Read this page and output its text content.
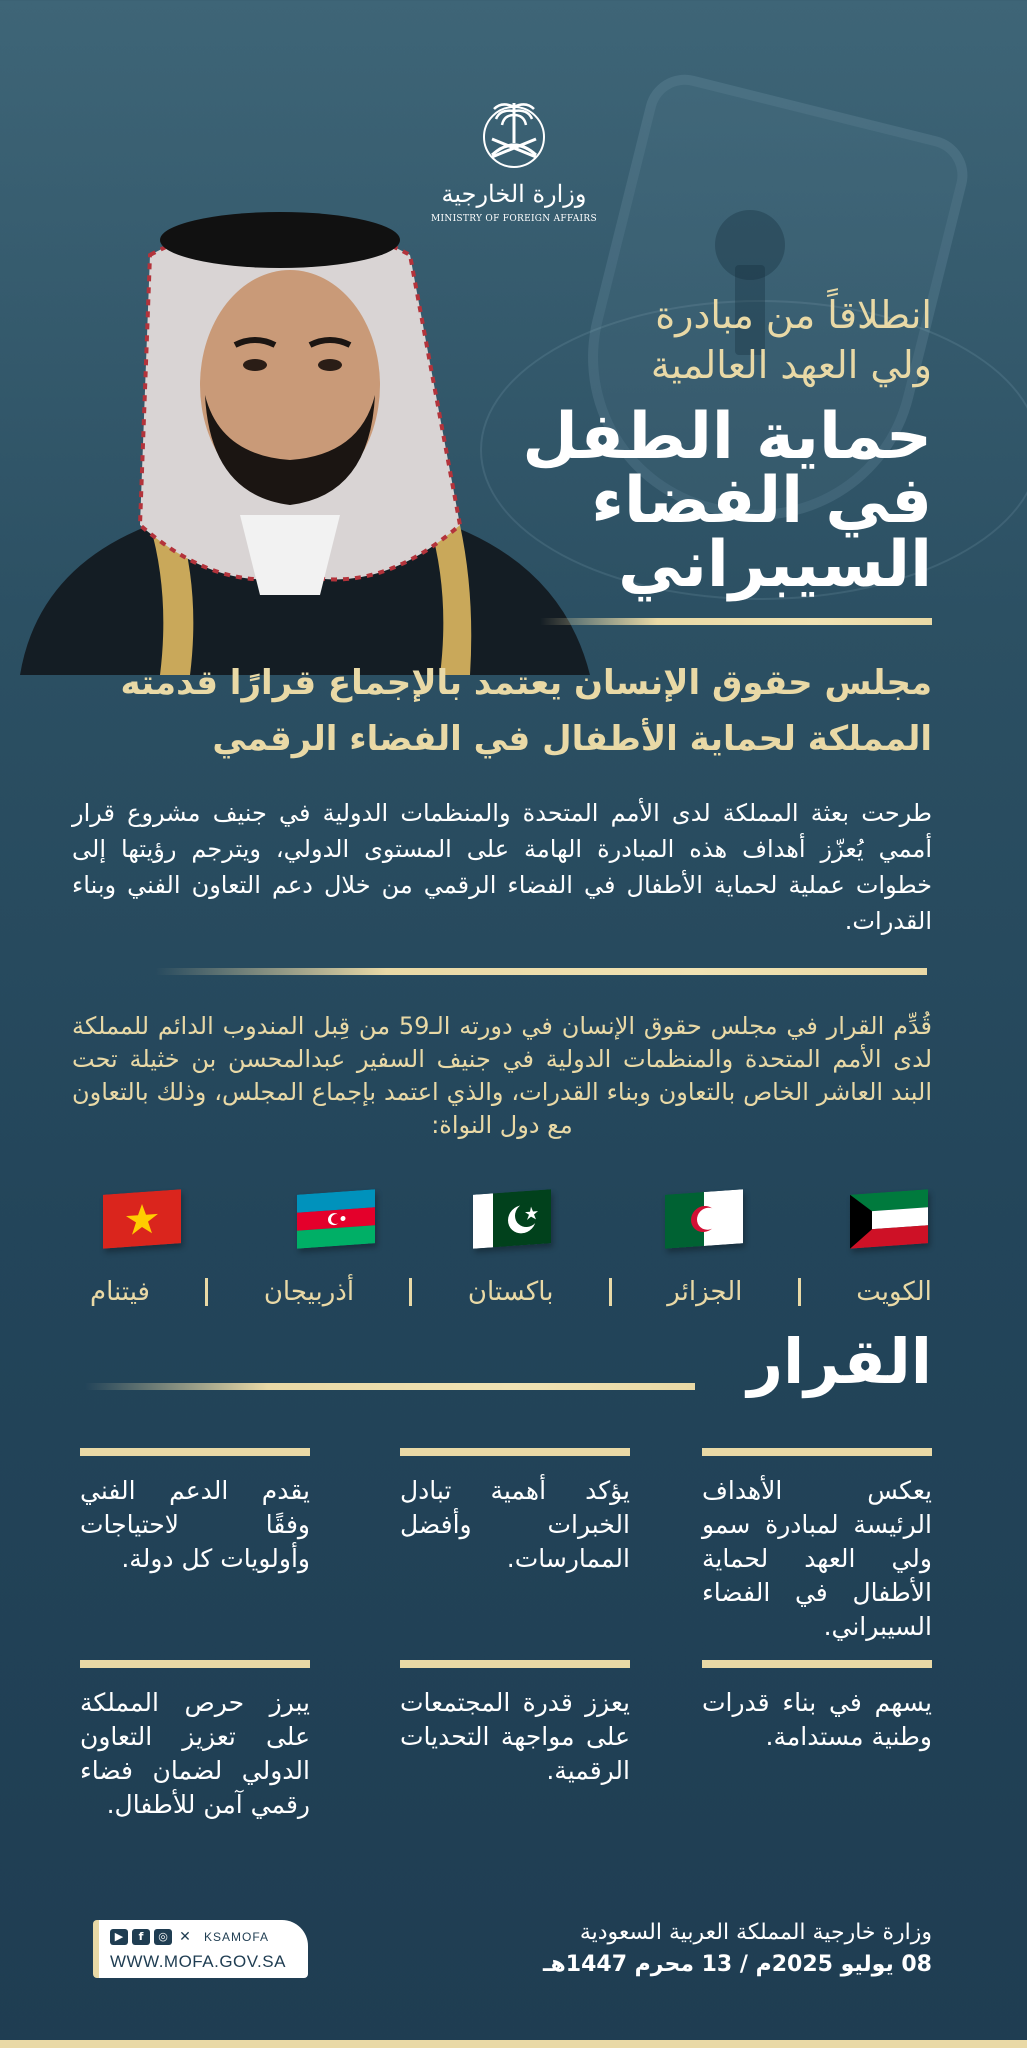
وزارة الخارجية
MINISTRY OF FOREIGN AFFAIRS
انطلاقاً من مبادرة
ولي العهد العالمية
حماية الطفل
في الفضاء
السيبراني
مجلس حقوق الإنسان يعتمد بالإجماع قرارًا قدمته
المملكة لحماية الأطفال في الفضاء الرقمي
طرحت بعثة المملكة لدى الأمم المتحدة والمنظمات الدولية في جنيف مشروع قرار أممي يُعزّز أهداف هذه المبادرة الهامة على المستوى الدولي، ويترجم رؤيتها إلى خطوات عملية لحماية الأطفال في الفضاء الرقمي من خلال دعم التعاون الفني وبناء القدرات.
قُدِّم القرار في مجلس حقوق الإنسان في دورته الـ59 من قِبل المندوب الدائم للمملكة لدى الأمم المتحدة والمنظمات الدولية في جنيف السفير عبدالمحسن بن خثيلة تحت البند العاشر الخاص بالتعاون وبناء القدرات، والذي اعتمد بإجماع المجلس، وذلك بالتعاون مع دول النواة:
الكويت
الجزائر
باكستان
أذربيجان
فيتنام
القرار

يعكس الأهداف الرئيسة لمبادرة سمو ولي العهد لحماية الأطفال في الفضاء السيبراني.

يؤكد أهمية تبادل الخبرات وأفضل الممارسات.

يقدم الدعم الفني وفقًا لاحتياجات وأولويات كل دولة.

يسهم في بناء قدرات وطنية مستدامة.

يعزز قدرة المجتمعات على مواجهة التحديات الرقمية.

يبرز حرص المملكة على تعزيز التعاون الدولي لضمان فضاء رقمي آمن للأطفال.

▶	f	◎ ✕ KSAMOFA
WWW.MOFA.GOV.SA
وزارة خارجية المملكة العربية السعودية
08 يوليو 2025م / 13 محرم 1447هـ
